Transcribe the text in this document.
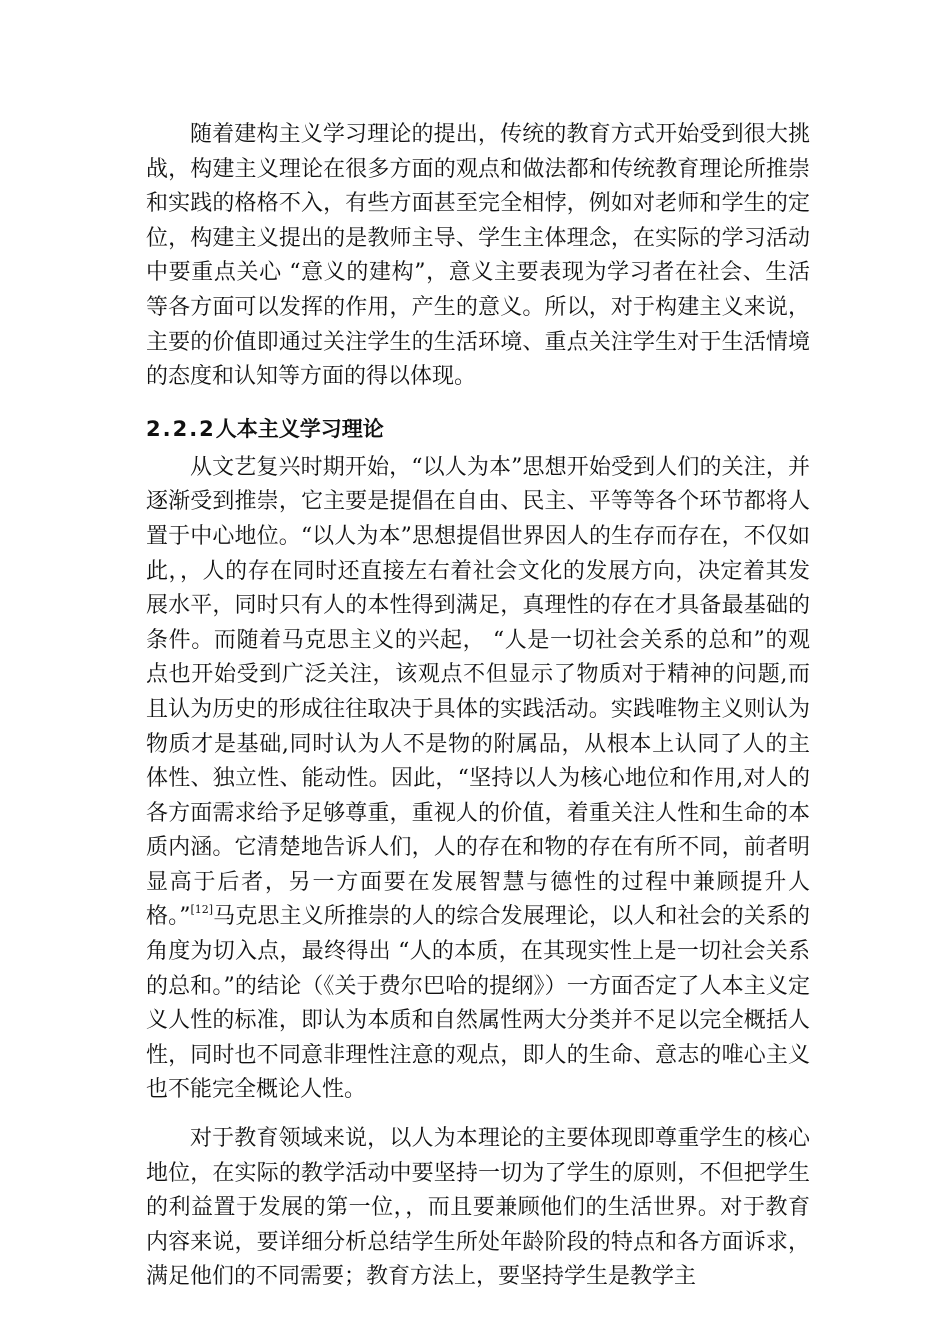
随着建构主义学习理论的提出，传统的教育方式开始受到很大挑战，构建主义理论在很多方面的观点和做法都和传统教育理论所推崇和实践的格格不入，有些方面甚至完全相悖，例如对老师和学生的定位，构建主义提出的是教师主导、学生主体理念，在实际的学习活动中要重点关心 “意义的建构”，意义主要表现为学习者在社会、生活等各方面可以发挥的作用，产生的意义。所以，对于构建主义来说，主要的价值即通过关注学生的生活环境、重点关注学生对于生活情境的态度和认知等方面的得以体现。

2.2.2人本主义学习理论

从文艺复兴时期开始，“以人为本”思想开始受到人们的关注，并逐渐受到推崇，它主要是提倡在自由、民主、平等等各个环节都将人置于中心地位。“以人为本”思想提倡世界因人的生存而存在，不仅如此，，人的存在同时还直接左右着社会文化的发展方向，决定着其发展水平，同时只有人的本性得到满足，真理性的存在才具备最基础的条件。而随着马克思主义的兴起， “人是一切社会关系的总和”的观点也开始受到广泛关注，该观点不但显示了物质对于精神的问题,而且认为历史的形成往往取决于具体的实践活动。实践唯物主义则认为物质才是基础,同时认为人不是物的附属品，从根本上认同了人的主体性、独立性、能动性。因此，“坚持以人为核心地位和作用,对人的各方面需求给予足够尊重，重视人的价值，着重关注人性和生命的本质内涵。它清楚地告诉人们，人的存在和物的存在有所不同，前者明显高于后者，另一方面要在发展智慧与德性的过程中兼顾提升人格。”[12]马克思主义所推崇的人的综合发展理论，以人和社会的关系的角度为切入点，最终得出 “人的本质，在其现实性上是一切社会关系的总和。”的结论（《关于费尔巴哈的提纲》）一方面否定了人本主义定义人性的标准，即认为本质和自然属性两大分类并不足以完全概括人性，同时也不同意非理性注意的观点，即人的生命、意志的唯心主义也不能完全概论人性。

对于教育领域来说，以人为本理论的主要体现即尊重学生的核心地位，在实际的教学活动中要坚持一切为了学生的原则，不但把学生的利益置于发展的第一位，，而且要兼顾他们的生活世界。对于教育内容来说，要详细分析总结学生所处年龄阶段的特点和各方面诉求，满足他们的不同需要；教育方法上，要坚持学生是教学主
